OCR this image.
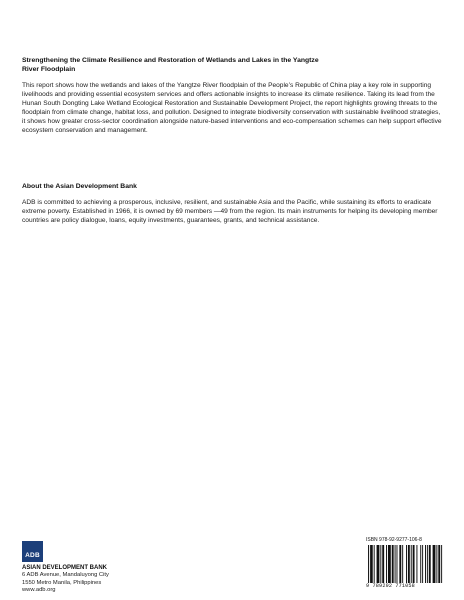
Strengthening the Climate Resilience and Restoration of Wetlands and Lakes in the Yangtze River Floodplain

This report shows how the wetlands and lakes of the Yangtze River floodplain of the People’s Republic of China play a key role in supporting livelihoods and providing essential ecosystem services and offers actionable insights to increase its climate resilience. Taking its lead from the Hunan South Dongting Lake Wetland Ecological Restoration and Sustainable Development Project, the report highlights growing threats to the floodplain from climate change, habitat loss, and pollution. Designed to integrate biodiversity conservation with sustainable livelihood strategies, it shows how greater cross-sector coordination alongside nature-based interventions and eco-compensation schemes can help support effective ecosystem conservation and management.

About the Asian Development Bank

ADB is committed to achieving a prosperous, inclusive, resilient, and sustainable Asia and the Pacific, while sustaining its efforts to eradicate extreme poverty. Established in 1966, it is owned by 69 members —49 from the region. Its main instruments for helping its developing member countries are policy dialogue, loans, equity investments, guarantees, grants, and technical assistance.

ADB
ASIAN DEVELOPMENT BANK
6 ADB Avenue, Mandaluyong City
1550 Metro Manila, Philippines
www.adb.org
ISBN 978-92-9277-106-8
9 789292 771058
